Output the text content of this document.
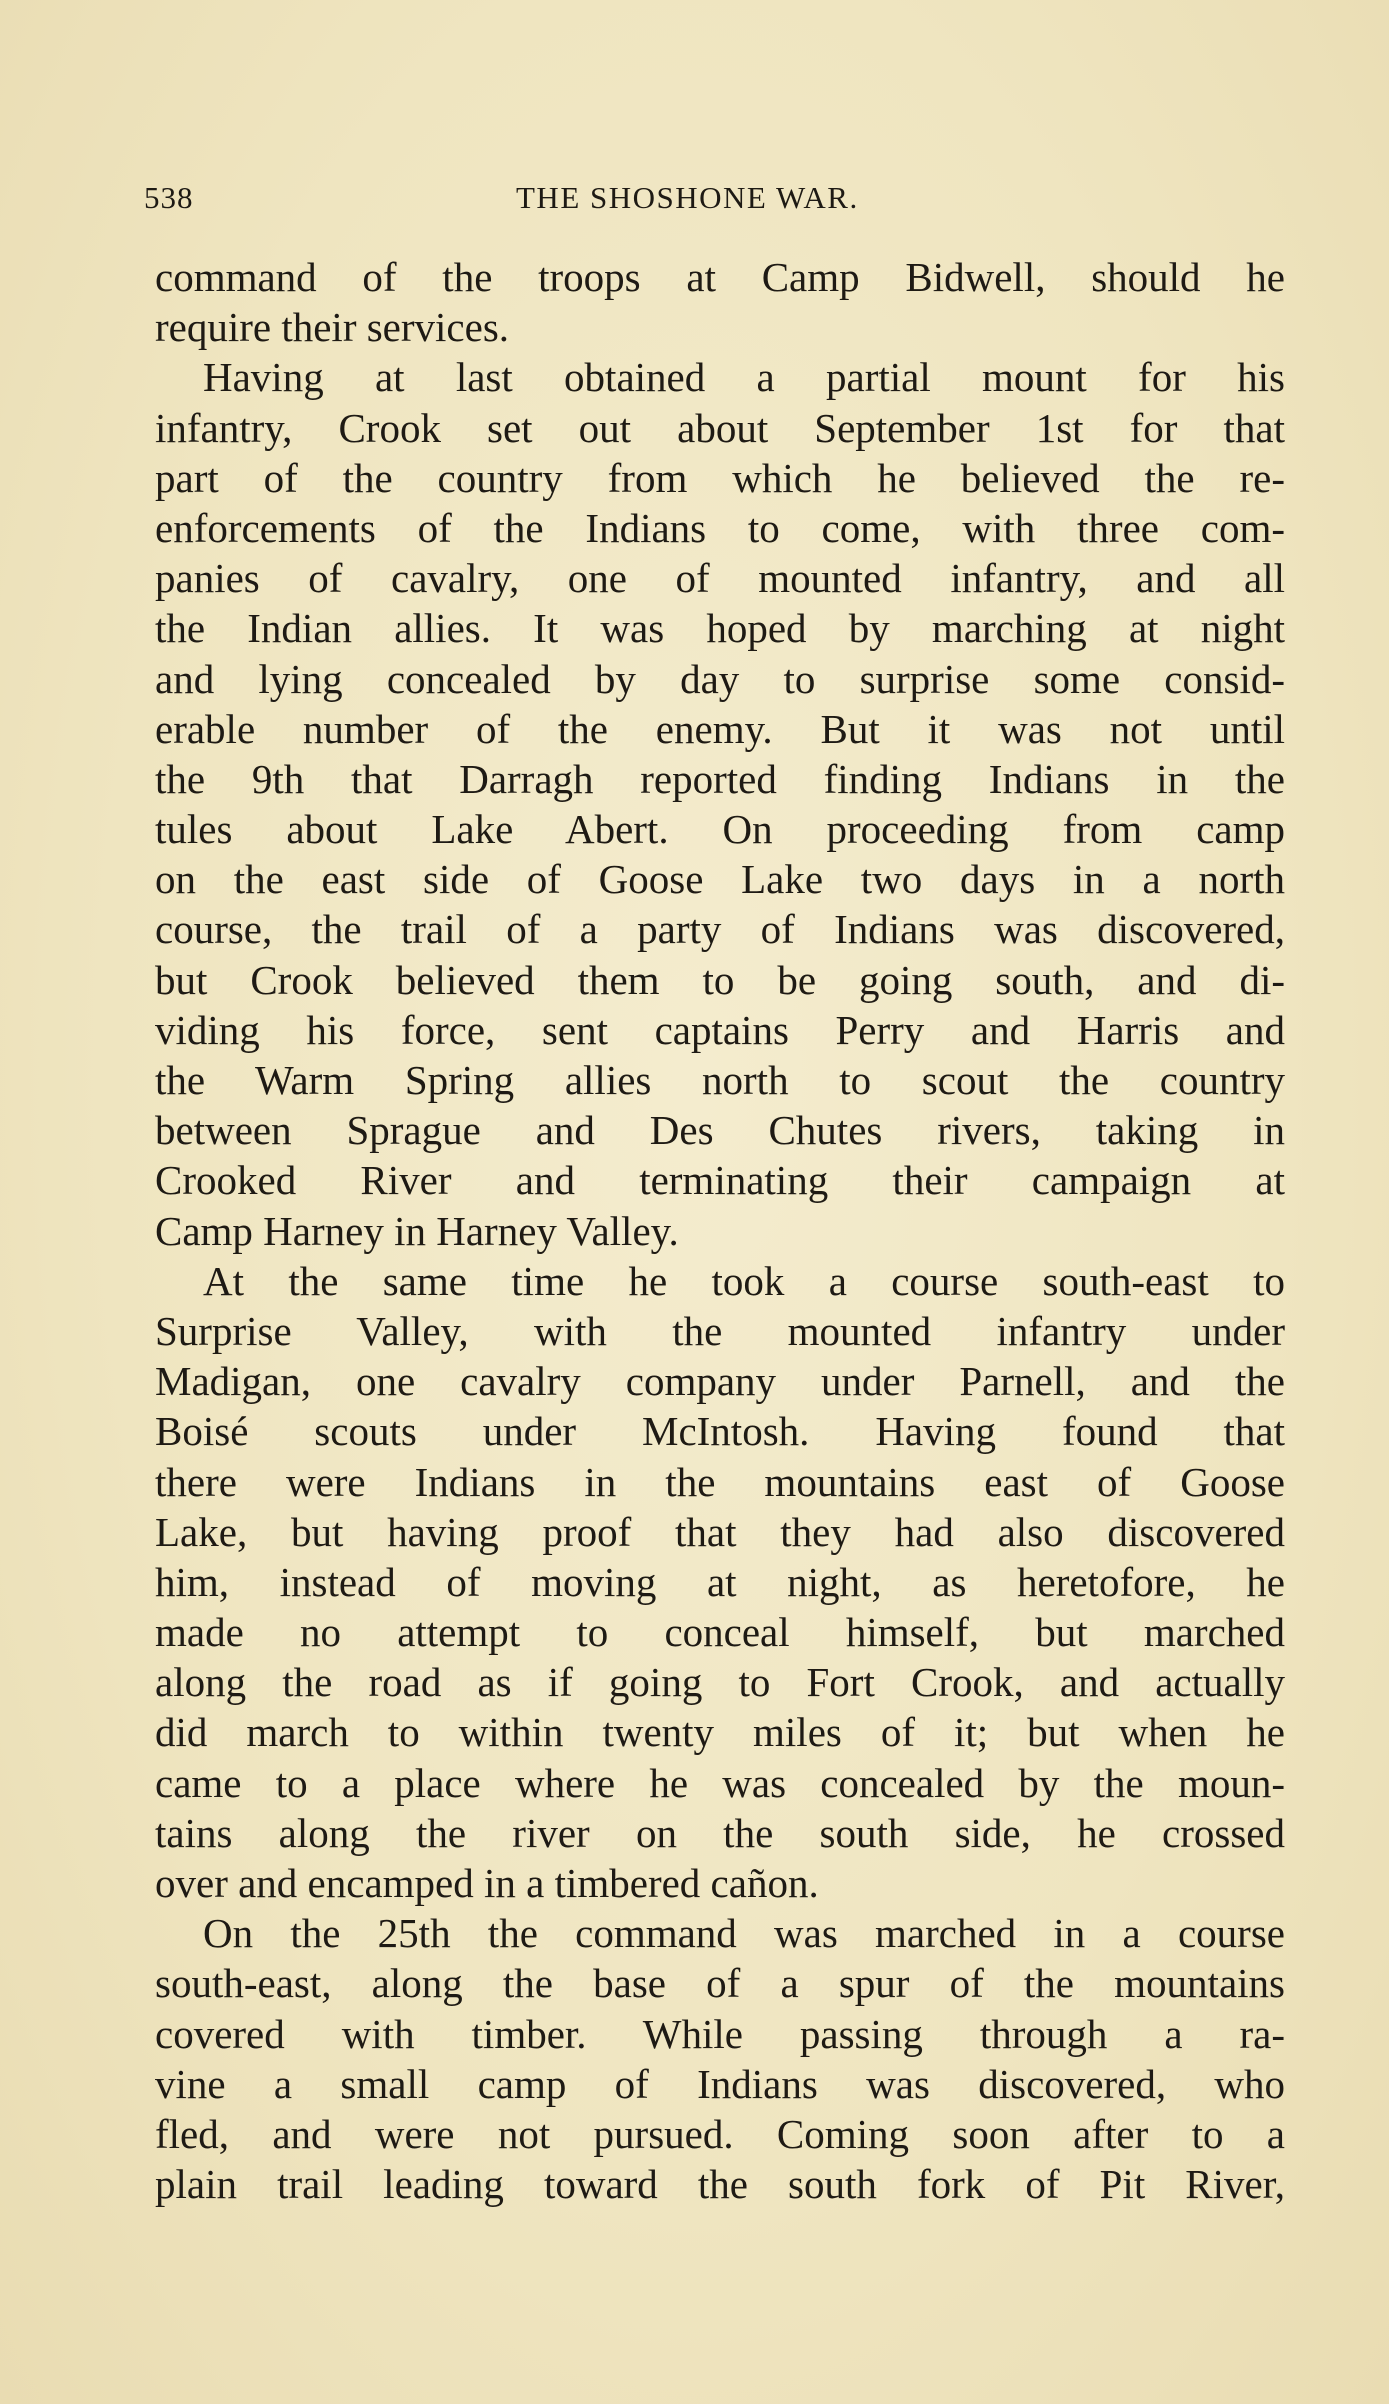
538	THE SHOSHONE WAR.
command of the troops at Camp Bidwell, should he
require their services.
Having at last obtained a partial mount for his
infantry, Crook set out about September 1st for that
part of the country from which he believed the re-
enforcements of the Indians to come, with three com-
panies of cavalry, one of mounted infantry, and all
the Indian allies. It was hoped by marching at night
and lying concealed by day to surprise some consid-
erable number of the enemy. But it was not until
the 9th that Darragh reported finding Indians in the
tules about Lake Abert. On proceeding from camp
on the east side of Goose Lake two days in a north
course, the trail of a party of Indians was discovered,
but Crook believed them to be going south, and di-
viding his force, sent captains Perry and Harris and
the Warm Spring allies north to scout the country
between Sprague and Des Chutes rivers, taking in
Crooked River and terminating their campaign at
Camp Harney in Harney Valley.
At the same time he took a course south-east to
Surprise Valley, with the mounted infantry under
Madigan, one cavalry company under Parnell, and the
Boisé scouts under McIntosh. Having found that
there were Indians in the mountains east of Goose
Lake, but having proof that they had also discovered
him, instead of moving at night, as heretofore, he
made no attempt to conceal himself, but marched
along the road as if going to Fort Crook, and actually
did march to within twenty miles of it; but when he
came to a place where he was concealed by the moun-
tains along the river on the south side, he crossed
over and encamped in a timbered cañon.
On the 25th the command was marched in a course
south-east, along the base of a spur of the mountains
covered with timber. While passing through a ra-
vine a small camp of Indians was discovered, who
fled, and were not pursued. Coming soon after to a
plain trail leading toward the south fork of Pit River,
